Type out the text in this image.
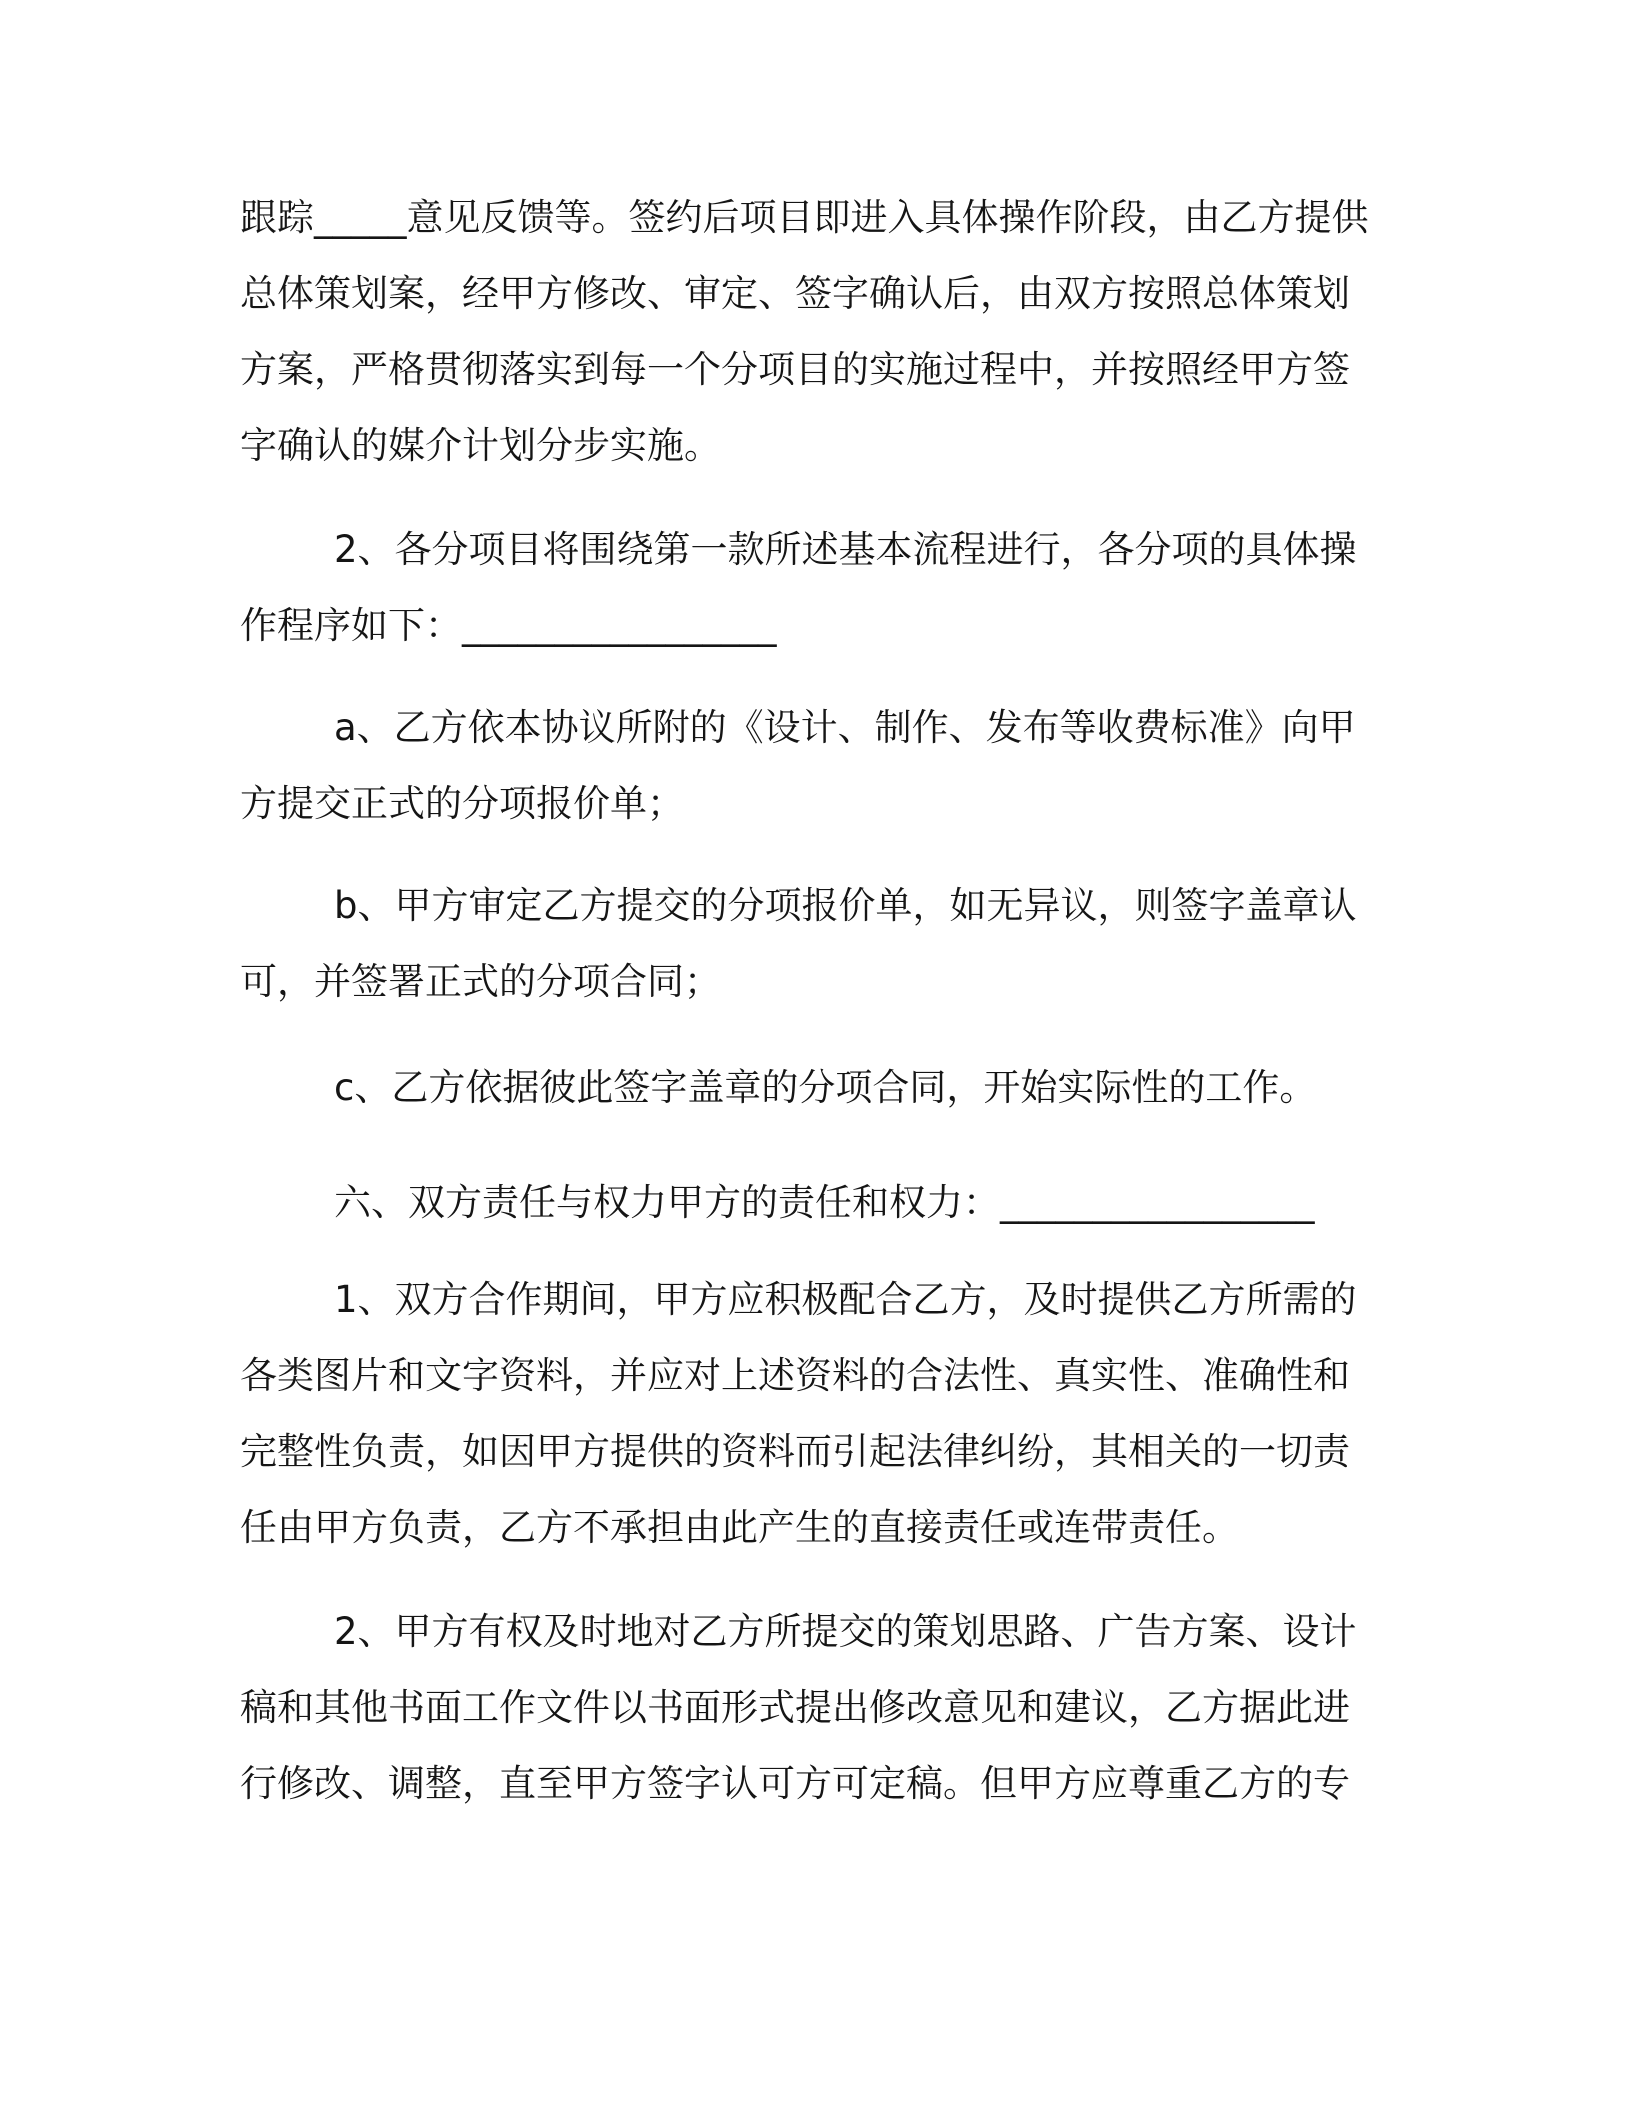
跟踪_____意见反馈等。签约后项目即进入具体操作阶段，由乙方提供
总体策划案，经甲方修改、审定、签字确认后，由双方按照总体策划
方案，严格贯彻落实到每一个分项目的实施过程中，并按照经甲方签
字确认的媒介计划分步实施。
2、各分项目将围绕第一款所述基本流程进行，各分项的具体操
作程序如下：_________________
a、乙方依本协议所附的《设计、制作、发布等收费标准》向甲
方提交正式的分项报价单；
b、甲方审定乙方提交的分项报价单，如无异议，则签字盖章认
可，并签署正式的分项合同；
c、乙方依据彼此签字盖章的分项合同，开始实际性的工作。
六、双方责任与权力甲方的责任和权力：_________________
1、双方合作期间，甲方应积极配合乙方，及时提供乙方所需的
各类图片和文字资料，并应对上述资料的合法性、真实性、准确性和
完整性负责，如因甲方提供的资料而引起法律纠纷，其相关的一切责
任由甲方负责，乙方不承担由此产生的直接责任或连带责任。
2、甲方有权及时地对乙方所提交的策划思路、广告方案、设计
稿和其他书面工作文件以书面形式提出修改意见和建议，乙方据此进
行修改、调整，直至甲方签字认可方可定稿。但甲方应尊重乙方的专
